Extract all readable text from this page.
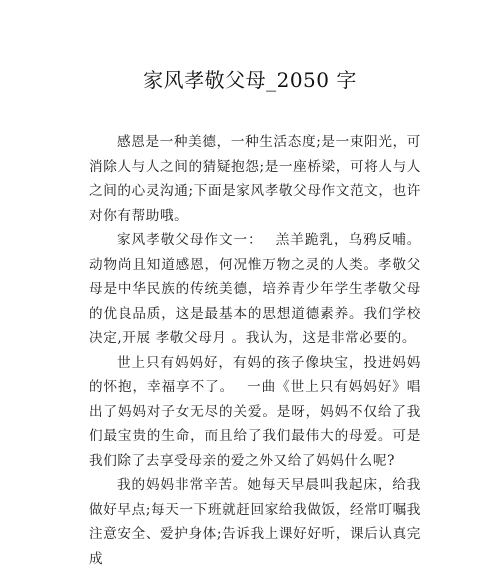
家风孝敬父母_2050 字

感恩是一种美德，一种生活态度;是一束阳光，可消除人与人之间的猜疑抱怨;是一座桥梁，可将人与人之间的心灵沟通;下面是家风孝敬父母作文范文，也许对你有帮助哦。

家风孝敬父母作文一：　 羔羊跪乳，乌鸦反哺。动物尚且知道感恩，何况惟万物之灵的人类。孝敬父母是中华民族的传统美德，培养青少年学生孝敬父母的优良品质，这是最基本的思想道德素养。我们学校决定,开展 孝敬父母月 。我认为，这是非常必要的。

世上只有妈妈好，有妈的孩子像块宝，投进妈妈的怀抱，幸福享不了。　 一曲《世上只有妈妈好》唱出了妈妈对子女无尽的关爱。是呀，妈妈不仅给了我们最宝贵的生命，而且给了我们最伟大的母爱。可是我们除了去享受母亲的爱之外又给了妈妈什么呢?

我的妈妈非常辛苦。她每天早晨叫我起床，给我做好早点;每天一下班就赶回家给我做饭，经常叮嘱我注意安全、爱护身体;告诉我上课好好听，课后认真完成
